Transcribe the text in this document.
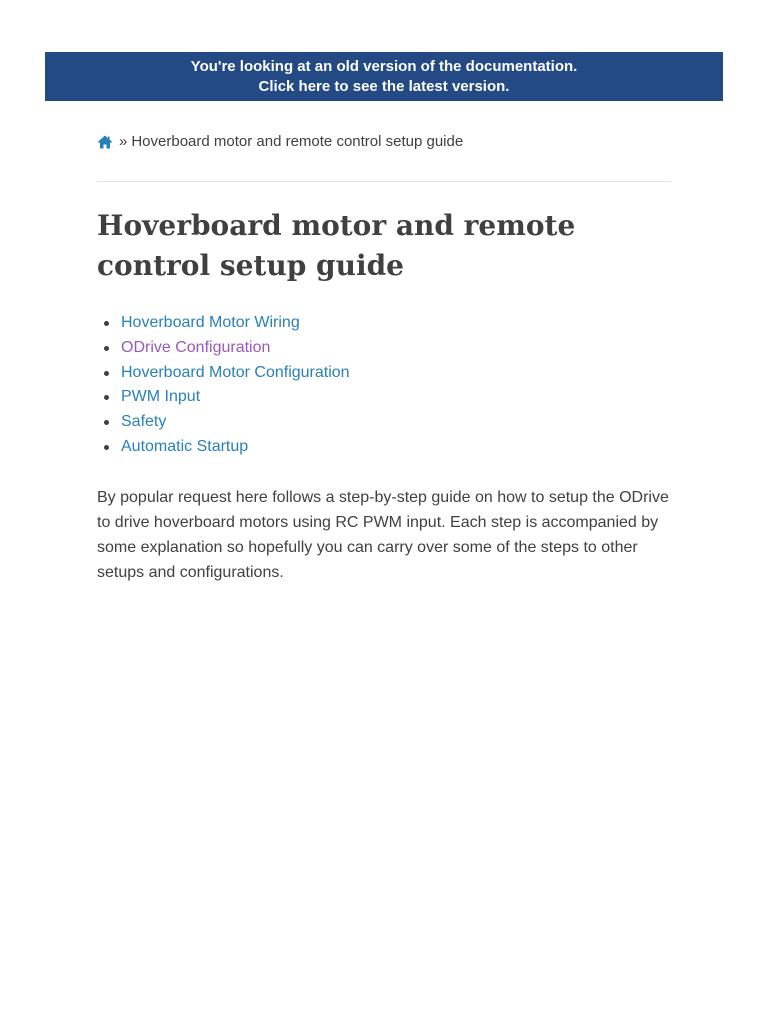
You're looking at an old version of the documentation.
Click here to see the latest version.
» Hoverboard motor and remote control setup guide
Hoverboard motor and remote control setup guide
Hoverboard Motor Wiring
ODrive Configuration
Hoverboard Motor Configuration
PWM Input
Safety
Automatic Startup

By popular request here follows a step-by-step guide on how to setup the ODrive to drive hoverboard motors using RC PWM input. Each step is accompanied by some explanation so hopefully you can carry over some of the steps to other setups and configurations.
